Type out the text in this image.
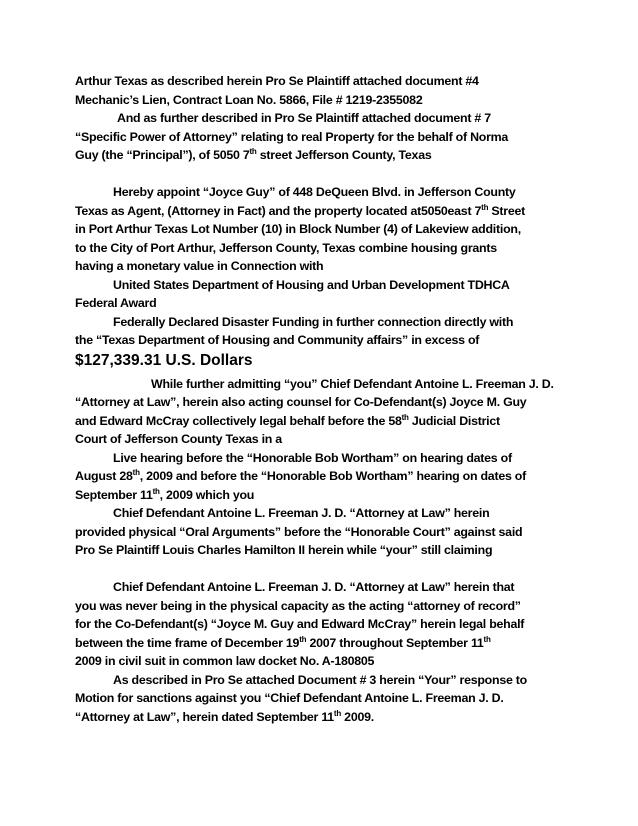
Arthur Texas as described herein Pro Se Plaintiff attached document #4

Mechanic’s Lien, Contract Loan No. 5866, File # 1219-2355082

And as further described in Pro Se Plaintiff attached document # 7

“Specific Power of Attorney” relating to real Property for the behalf of Norma

Guy (the “Principal”), of 5050 7th street Jefferson County, Texas

Hereby appoint “Joyce Guy” of 448 DeQueen Blvd. in Jefferson County

Texas as Agent, (Attorney in Fact) and the property located at5050east 7th Street

in Port Arthur Texas Lot Number (10) in Block Number (4) of Lakeview addition,

to the City of Port Arthur, Jefferson County, Texas combine housing grants

having a monetary value in Connection with

United States Department of Housing and Urban Development TDHCA

Federal Award

Federally Declared Disaster Funding in further connection directly with

the “Texas Department of Housing and Community affairs” in excess of

$127,339.31 U.S. Dollars

While further admitting “you” Chief Defendant Antoine L. Freeman J. D.

“Attorney at Law”, herein also acting counsel for Co-Defendant(s) Joyce M. Guy

and Edward McCray collectively legal behalf before the 58th Judicial District

Court of Jefferson County Texas in a

Live hearing before the “Honorable Bob Wortham” on hearing dates of

August 28th, 2009 and before the “Honorable Bob Wortham” hearing on dates of

September 11th, 2009 which you

Chief Defendant Antoine L. Freeman J. D. “Attorney at Law” herein

provided physical “Oral Arguments” before the “Honorable Court” against said

Pro Se Plaintiff Louis Charles Hamilton II herein while “your” still claiming

Chief Defendant Antoine L. Freeman J. D. “Attorney at Law” herein that

you was never being in the physical capacity as the acting “attorney of record”

for the Co-Defendant(s) “Joyce M. Guy and Edward McCray” herein legal behalf

between the time frame of December 19th 2007 throughout September 11th

2009 in civil suit in common law docket No. A-180805

As described in Pro Se attached Document # 3 herein “Your” response to

Motion for sanctions against you “Chief Defendant Antoine L. Freeman J. D.

“Attorney at Law”, herein dated September 11th 2009.
